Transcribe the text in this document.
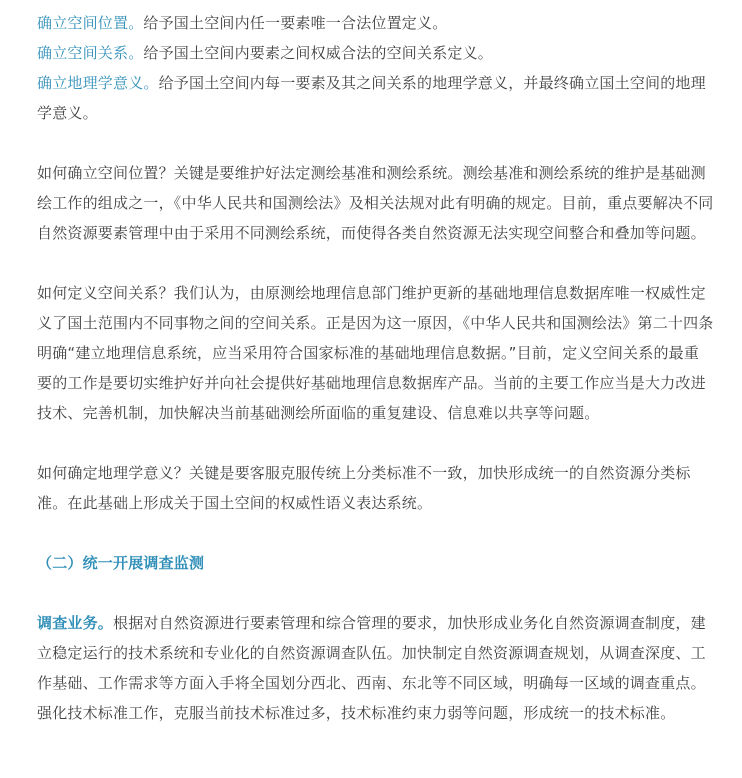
确立空间位置。给予国土空间内任一要素唯一合法位置定义。

确立空间关系。给予国土空间内要素之间权威合法的空间关系定义。

确立地理学意义。给予国土空间内每一要素及其之间关系的地理学意义，并最终确立国土空间的地理学意义。

如何确立空间位置？关键是要维护好法定测绘基准和测绘系统。测绘基准和测绘系统的维护是基础测绘工作的组成之一，《中华人民共和国测绘法》及相关法规对此有明确的规定。目前，重点要解决不同自然资源要素管理中由于采用不同测绘系统，而使得各类自然资源无法实现空间整合和叠加等问题。

如何定义空间关系？我们认为，由原测绘地理信息部门维护更新的基础地理信息数据库唯一权威性定义了国土范围内不同事物之间的空间关系。正是因为这一原因，《中华人民共和国测绘法》第二十四条明确“建立地理信息系统，应当采用符合国家标准的基础地理信息数据。”目前，定义空间关系的最重要的工作是要切实维护好并向社会提供好基础地理信息数据库产品。当前的主要工作应当是大力改进技术、完善机制，加快解决当前基础测绘所面临的重复建设、信息难以共享等问题。

如何确定地理学意义？关键是要客服克服传统上分类标准不一致，加快形成统一的自然资源分类标准。在此基础上形成关于国土空间的权威性语义表达系统。

（二）统一开展调查监测

调查业务。根据对自然资源进行要素管理和综合管理的要求，加快形成业务化自然资源调查制度，建立稳定运行的技术系统和专业化的自然资源调查队伍。加快制定自然资源调查规划，从调查深度、工作基础、工作需求等方面入手将全国划分西北、西南、东北等不同区域，明确每一区域的调查重点。强化技术标准工作，克服当前技术标准过多，技术标准约束力弱等问题，形成统一的技术标准。
